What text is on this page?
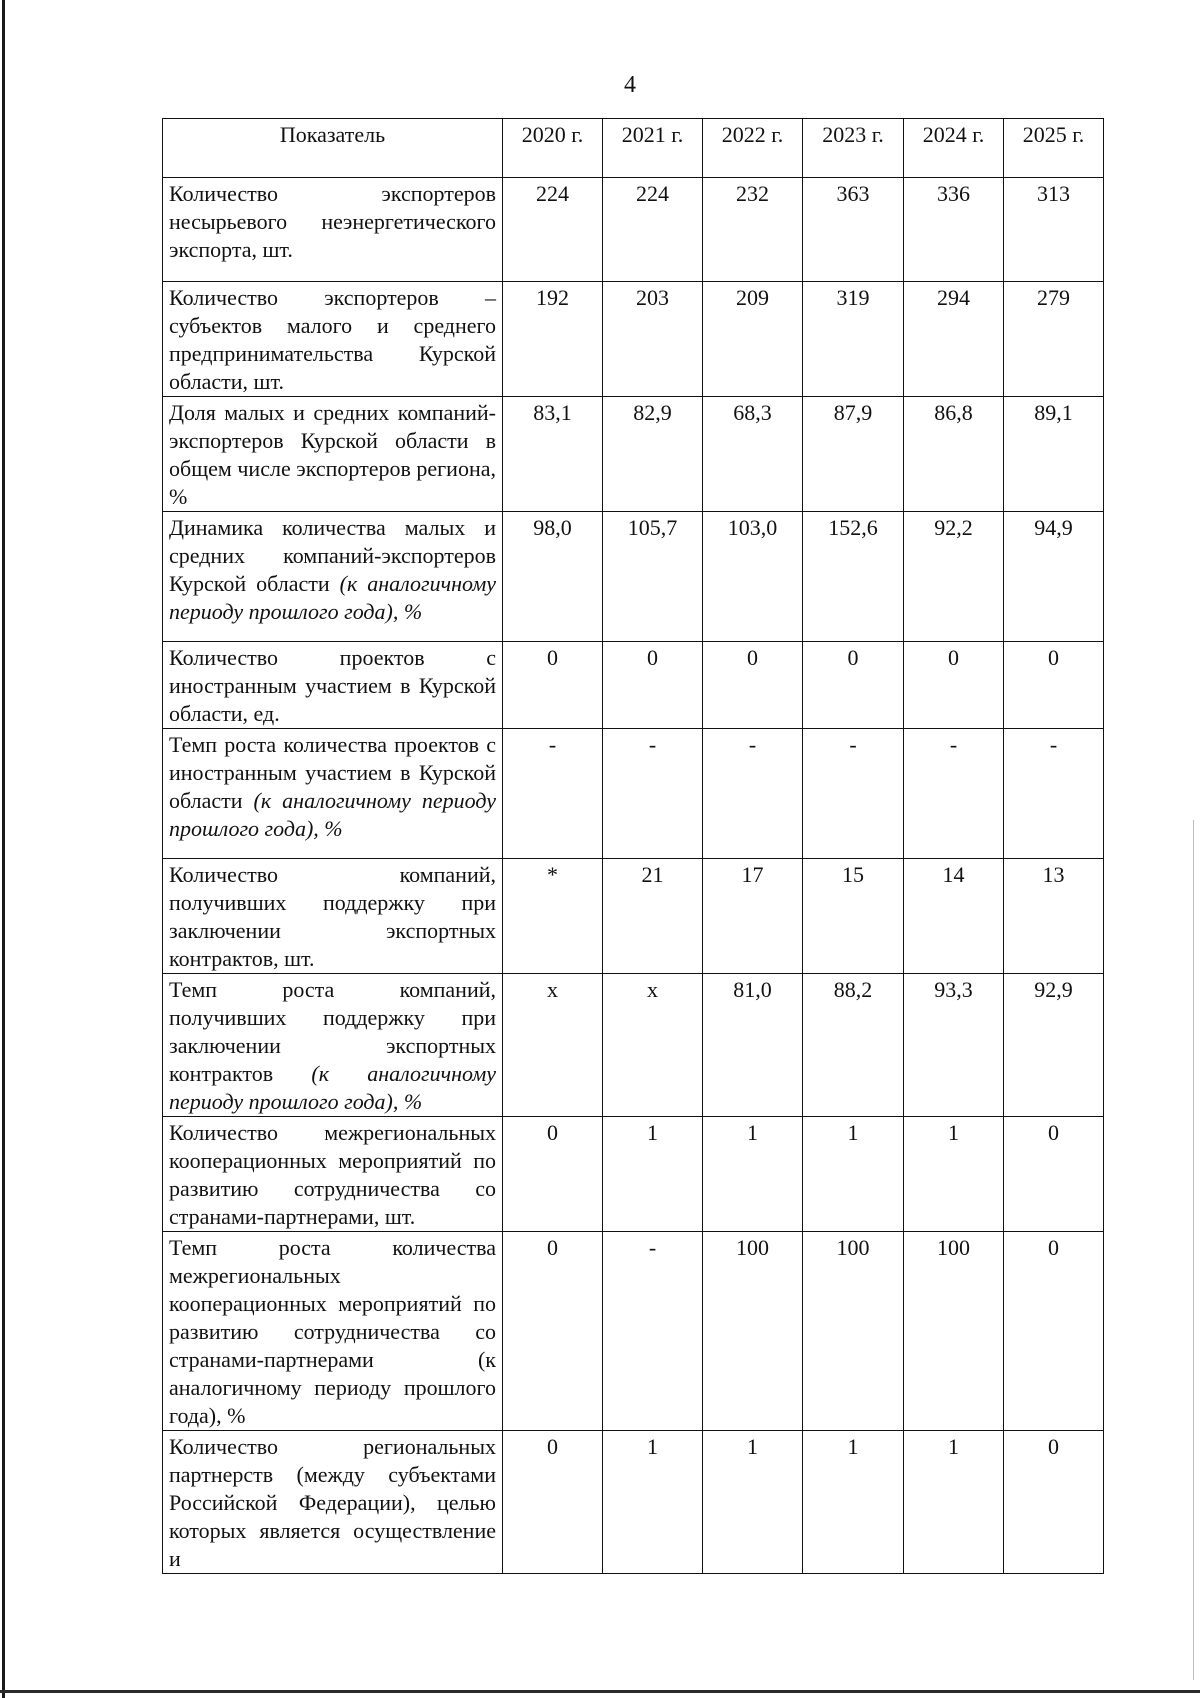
4
Показатель	2020 г.	2021 г.	2022 г.	2023 г.	2024 г.	2025 г.
Количество экспортеров несырьевого неэнергетического экспорта, шт.	224	224	232	363	336	313
Количество экспортеров – субъектов малого и среднего предпринимательства Курской области, шт.	192	203	209	319	294	279
Доля малых и средних компаний-экспортеров Курской области в общем числе экспортеров региона, %	83,1	82,9	68,3	87,9	86,8	89,1
Динамика количества малых и средних компаний-экспортеров Курской области (к аналогичному периоду прошлого года), %	98,0	105,7	103,0	152,6	92,2	94,9
Количество проектов с иностранным участием в Курской области, ед.	0	0	0	0	0	0
Темп роста количества проектов с иностранным участием в Курской области (к аналогичному периоду прошлого года), %	-	-	-	-	-	-
Количество компаний, получивших поддержку при заключении экспортных контрактов, шт.	*	21	17	15	14	13
Темп роста компаний, получивших поддержку при заключении экспортных контрактов (к аналогичному периоду прошлого года), %	х	х	81,0	88,2	93,3	92,9
Количество межрегиональных кооперационных мероприятий по развитию сотрудничества со странами-партнерами, шт.	0	1	1	1	1	0
Темп роста количества межрегиональных кооперационных мероприятий по развитию сотрудничества со странами-партнерами (к аналогичному периоду прошлого года), %	0	-	100	100	100	0
Количество региональных партнерств (между субъектами Российской Федерации), целью которых является осуществление и	0	1	1	1	1	0
